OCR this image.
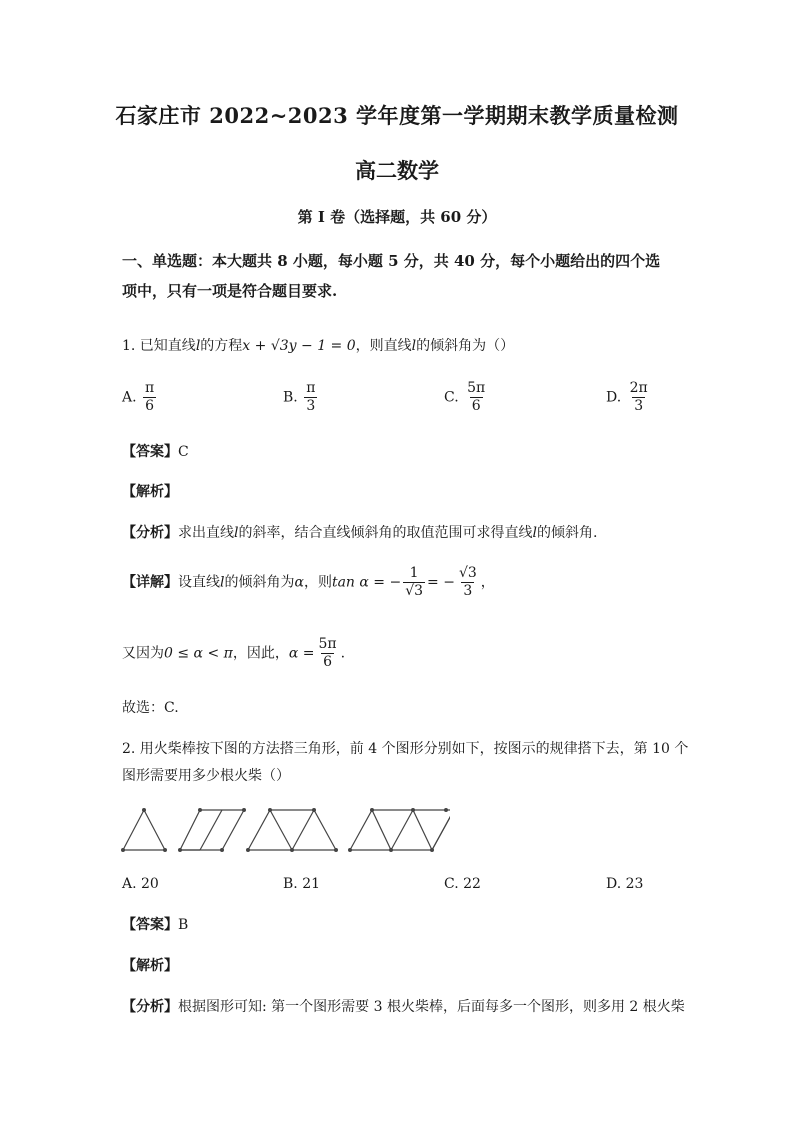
石家庄市 2022~2023 学年度第一学期期末教学质量检测
高二数学
第 I 卷（选择题，共 60 分）
一、单选题：本大题共 8 小题，每小题 5 分，共 40 分，每个小题给出的四个选
项中，只有一项是符合题目要求.
1. 已知直线l的方程x + √3y − 1 = 0，则直线l的倾斜角为（）
A. $\frac{\pi}{6}$	B. $\frac{\pi}{3}$	C. $\frac{5\pi}{6}$	D. $\frac{2\pi}{3}$
【答案】C
【解析】
【分析】求出直线l的斜率，结合直线倾斜角的取值范围可求得直线l的倾斜角.
【详解】设直线l的倾斜角为α，则tan α = − $\frac{1}{√3}$ = − $\frac{√3}{3}$ ，
又因为0 ≤ α < π，因此，$\alpha = \frac{5\pi}{6}$ .
故选：C.
2. 用火柴棒按下图的方法搭三角形，前 4 个图形分别如下，按图示的规律搭下去，第 10 个
图形需要用多少根火柴（）
A. 20	B. 21	C. 22	D. 23
【答案】B
【解析】
【分析】根据图形可知: 第一个图形需要 3 根火柴棒，后面每多一个图形，则多用 2 根火柴
